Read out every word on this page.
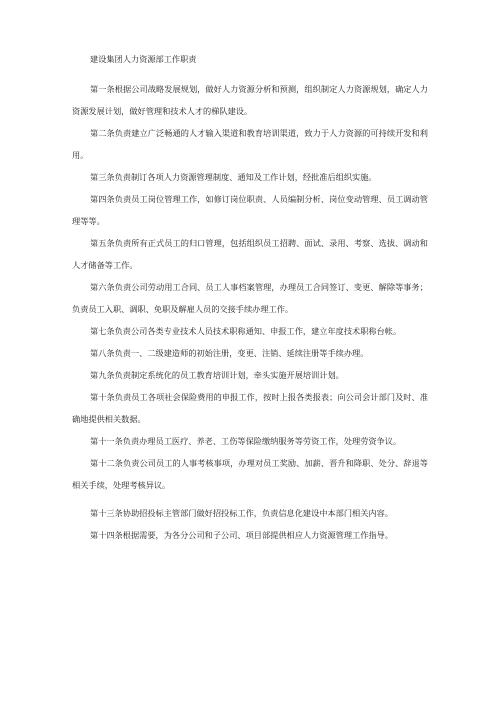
建设集团人力资源部工作职责

第一条根据公司战略发展规划，做好人力资源分析和预测，组织制定人力资源规划，确定人力资源发展计划，做好管理和技术人才的梯队建设。

第二条负责建立广泛畅通的人才输入渠道和教育培训渠道，致力于人力资源的可持续开发和利用。

第三条负责制订各项人力资源管理制度、通知及工作计划，经批准后组织实施。

第四条负责员工岗位管理工作，如修订岗位职责、人员编制分析、岗位变动管理、员工调动管理等等。

第五条负责所有正式员工的归口管理，包括组织员工招聘、面试、录用、考察、选拔、调动和人才储备等工作。

第六条负责公司劳动用工合同、员工人事档案管理，办理员工合同签订、变更、解除等事务；负责员工入职、调职、免职及解雇人员的交接手续办理工作。

第七条负责公司各类专业技术人员技术职称通知、申报工作，建立年度技术职称台帐。

第八条负责一、二级建造师的初始注册，变更、注销、延续注册等手续办理。

第九条负责制定系统化的员工教育培训计划，牵头实施开展培训计划。

第十条负责员工各项社会保险费用的申报工作，按时上报各类报表；向公司会计部门及时、准确地提供相关数据。

第十一条负责办理员工医疗、养老、工伤等保险缴纳服务等劳资工作，处理劳资争议。

第十二条负责公司员工的人事考核事项，办理对员工奖励、加薪、晋升和降职、处分、辞退等相关手续，处理考核异议。

第十三条协助招投标主管部门做好招投标工作，负责信息化建设中本部门相关内容。

第十四条根据需要，为各分公司和子公司、项目部提供相应人力资源管理工作指导。
